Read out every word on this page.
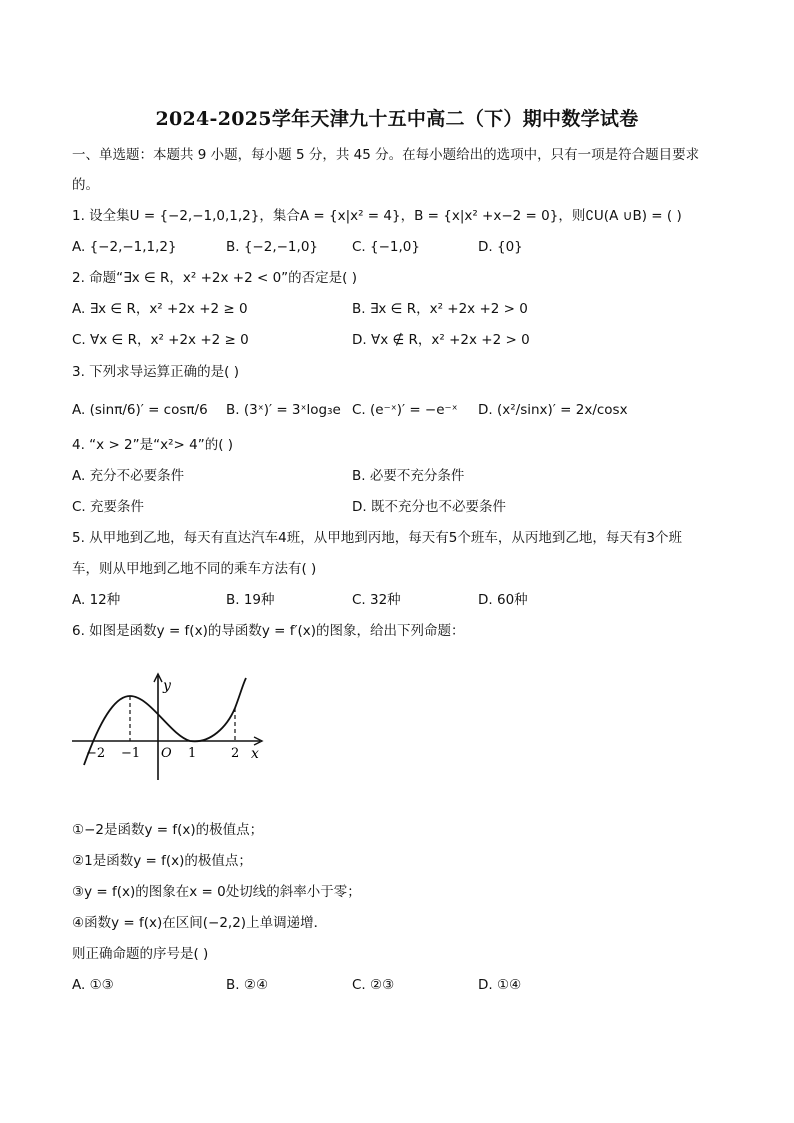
2024-2025学年天津九十五中高二（下）期中数学试卷
一、单选题：本题共 9 小题，每小题 5 分，共 45 分。在每小题给出的选项中，只有一项是符合题目要求
的。
1. 设全集U = {−2,−1,0,1,2}，集合A = {x|x² = 4}，B = {x|x² +x−2 = 0}，则∁U(A ∪B) = ( )
A. {−2,−1,1,2}	B. {−2,−1,0}	C. {−1,0}	D. {0}
2. 命题“∃x ∈ R，x² +2x +2 < 0”的否定是( )
A. ∃x ∈ R，x² +2x +2 ≥ 0	B. ∃x ∈ R，x² +2x +2 > 0
C. ∀x ∈ R，x² +2x +2 ≥ 0	D. ∀x ∉ R，x² +2x +2 > 0
3. 下列求导运算正确的是( )
A. (sinπ/6)′ = cosπ/6 B. (3ˣ)′ = 3ˣlog₃e C. (e⁻ˣ)′ = −e⁻ˣ D. (x²/sinx)′ = 2x/cosx
4. “x > 2”是“x²> 4”的( )
A. 充分不必要条件	B. 必要不充分条件
C. 充要条件	D. 既不充分也不必要条件
5. 从甲地到乙地，每天有直达汽车4班，从甲地到丙地，每天有5个班车，从丙地到乙地，每天有3个班
车，则从甲地到乙地不同的乘车方法有( )
A. 12种	B. 19种	C. 32种	D. 60种
6. 如图是函数y = f(x)的导函数y = f′(x)的图象，给出下列命题：
y
x
O
−2 −1	1	2
①−2是函数y = f(x)的极值点；
②1是函数y = f(x)的极值点；
③y = f(x)的图象在x = 0处切线的斜率小于零；
④函数y = f(x)在区间(−2,2)上单调递增．
则正确命题的序号是( )
A. ①③	B. ②④	C. ②③	D. ①④
